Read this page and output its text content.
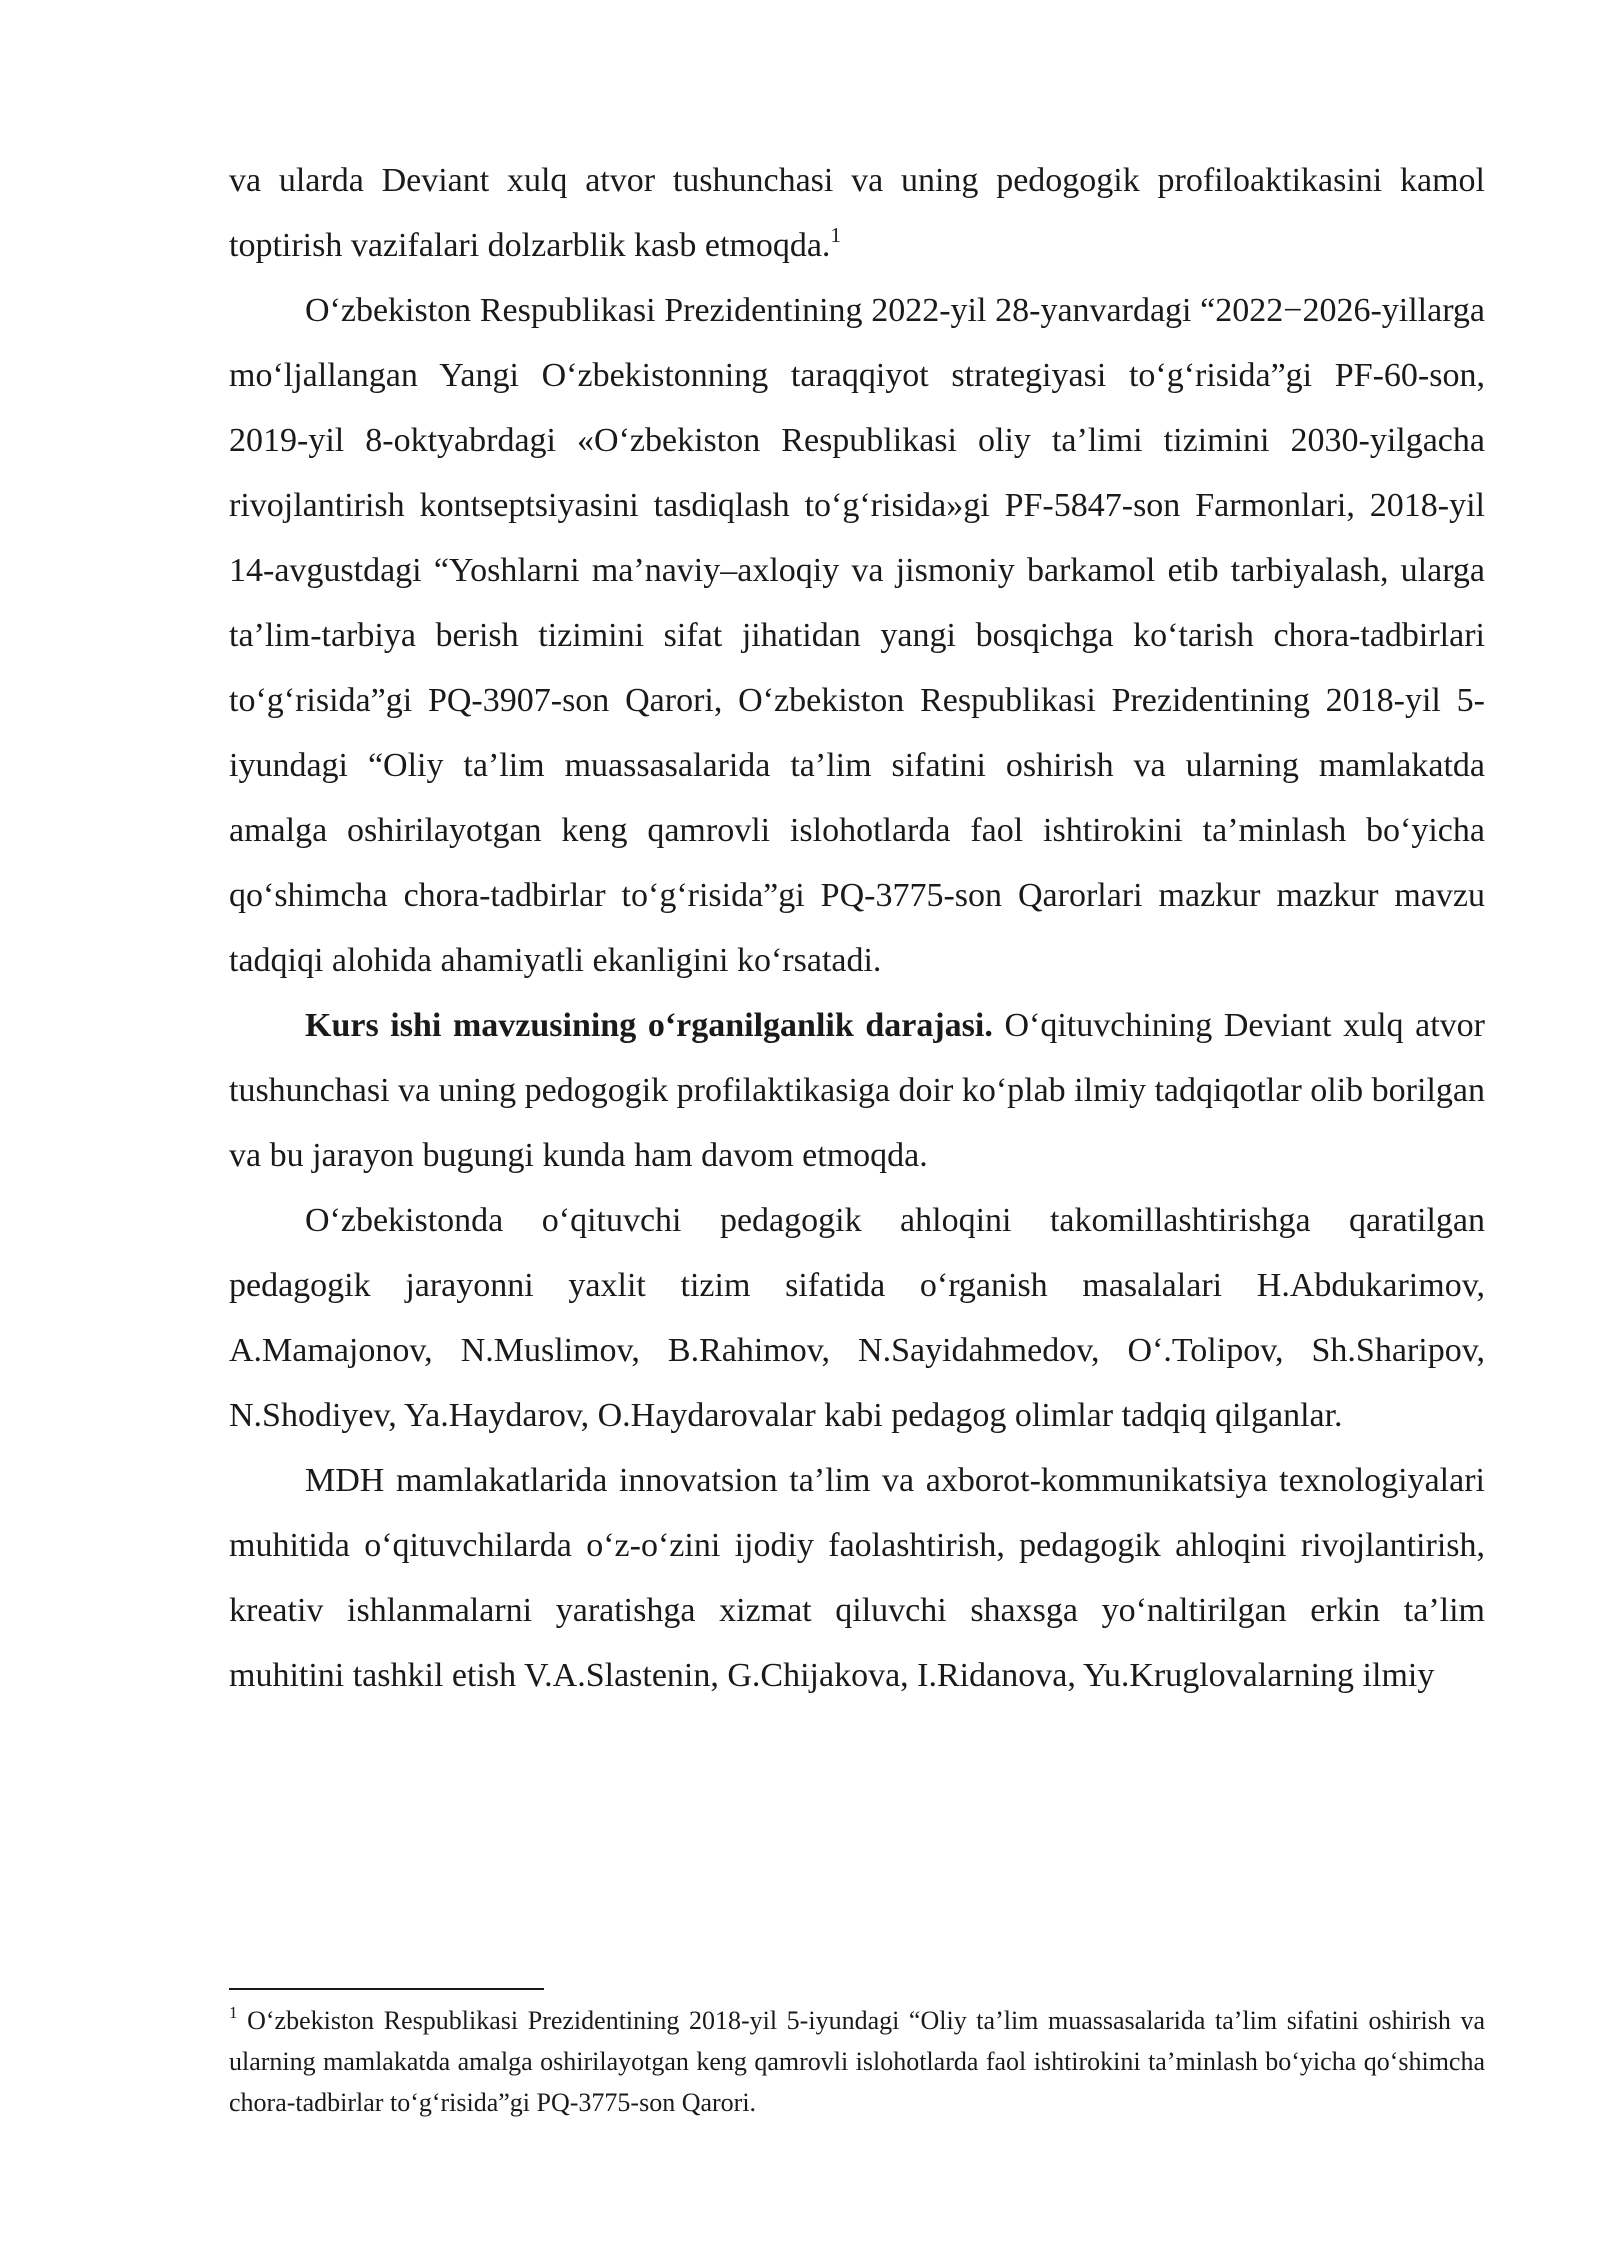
va ularda Deviant xulq atvor tushunchasi va uning pedogogik profiloaktikasini kamol toptirish vazifalari dolzarblik kasb etmoqda.$^1$

O‘zbekiston Respublikasi Prezidentining 2022-yil 28-yanvardagi “2022−2026-yillarga mo‘ljallangan Yangi O‘zbekistonning taraqqiyot strategiyasi to‘g‘risida”gi PF-60-son, 2019-yil 8-oktyabrdagi «O‘zbekiston Respublikasi oliy ta’limi tizimini 2030-yilgacha rivojlantirish kontseptsiyasini tasdiqlash to‘g‘risida»gi PF-5847-son Farmonlari, 2018-yil 14-avgustdagi “Yoshlarni ma’naviy–axloqiy va jismoniy barkamol etib tarbiyalash, ularga ta’lim-tarbiya berish tizimini sifat jihatidan yangi bosqichga ko‘tarish chora-tadbirlari to‘g‘risida”gi PQ-3907-son Qarori, O‘zbekiston Respublikasi Prezidentining 2018-yil 5-iyundagi “Oliy ta’lim muassasalarida ta’lim sifatini oshirish va ularning mamlakatda amalga oshirilayotgan keng qamrovli islohotlarda faol ishtirokini ta’minlash bo‘yicha qo‘shimcha chora-tadbirlar to‘g‘risida”gi PQ-3775-son Qarorlari mazkur mazkur mavzu tadqiqi alohida ahamiyatli ekanligini ko‘rsatadi.

Kurs ishi mavzusining o‘rganilganlik darajasi. O‘qituvchining Deviant xulq atvor tushunchasi va uning pedogogik profilaktikasiga doir ko‘plab ilmiy tadqiqotlar olib borilgan va bu jarayon bugungi kunda ham davom etmoqda.

O‘zbekistonda o‘qituvchi pedagogik ahloqini takomillashtirishga qaratilgan pedagogik jarayonni yaxlit tizim sifatida o‘rganish masalalari H.Abdukarimov, A.Mamajonov, N.Muslimov, B.Rahimov, N.Sayidahmedov, O‘.Tolipov, Sh.Sharipov, N.Shodiyev, Ya.Haydarov, O.Haydarovalar kabi pedagog olimlar tadqiq qilganlar.

MDH mamlakatlarida innovatsion ta’lim va axborot-kommunikatsiya texnologiyalari muhitida o‘qituvchilarda o‘z-o‘zini ijodiy faolashtirish, pedagogik ahloqini rivojlantirish, kreativ ishlanmalarni yaratishga xizmat qiluvchi shaxsga yo‘naltirilgan erkin ta’lim muhitini tashkil etish V.A.Slastenin, G.Chijakova, I.Ridanova, Yu.Kruglovalarning ilmiy

$^1$ O‘zbekiston Respublikasi Prezidentining 2018-yil 5-iyundagi “Oliy ta’lim muassasalarida ta’lim sifatini oshirish va ularning mamlakatda amalga oshirilayotgan keng qamrovli islohotlarda faol ishtirokini ta’minlash bo‘yicha qo‘shimcha chora-tadbirlar to‘g‘risida”gi PQ-3775-son Qarori.
